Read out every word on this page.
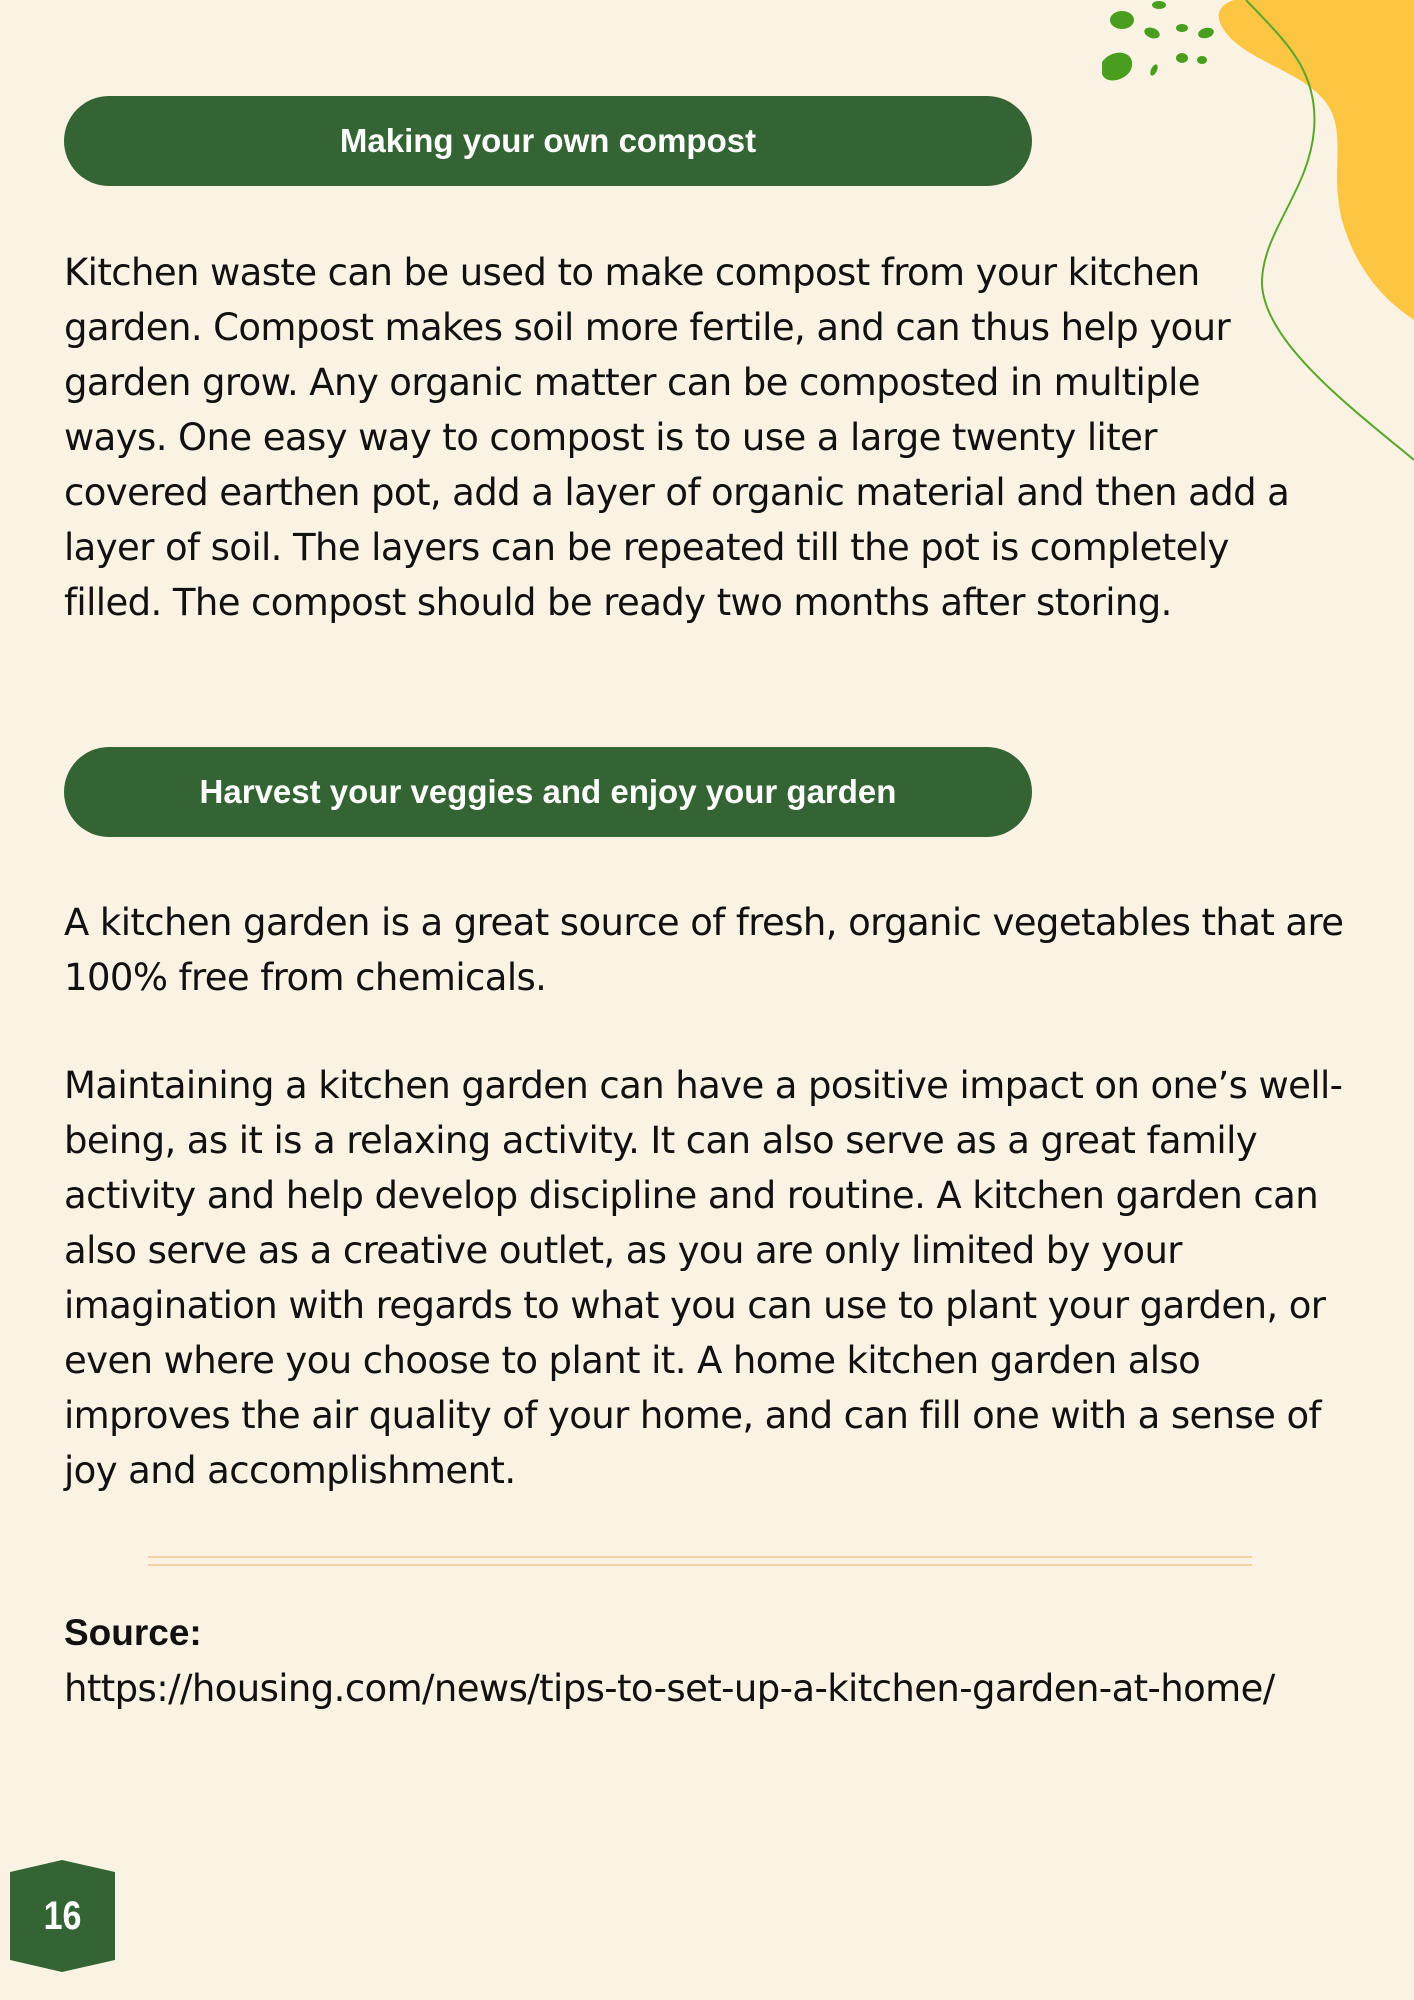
Making your own compost

Kitchen waste can be used to make compost from your kitchen garden. Compost makes soil more fertile, and can thus help your garden grow. Any organic matter can be composted in multiple ways. One easy way to compost is to use a large twenty liter covered earthen pot, add a layer of organic material and then add a layer of soil. The layers can be repeated till the pot is completely filled. The compost should be ready two months after storing.

Harvest your veggies and enjoy your garden

A kitchen garden is a great source of fresh, organic vegetables that are 100% free from chemicals.

Maintaining a kitchen garden can have a positive impact on one’s well-being, as it is a relaxing activity. It can also serve as a great family activity and help develop discipline and routine. A kitchen garden can also serve as a creative outlet, as you are only limited by your imagination with regards to what you can use to plant your garden, or even where you choose to plant it. A home kitchen garden also improves the air quality of your home, and can fill one with a sense of joy and accomplishment.

Source:

https://housing.com/news/tips-to-set-up-a-kitchen-garden-at-home/

16
